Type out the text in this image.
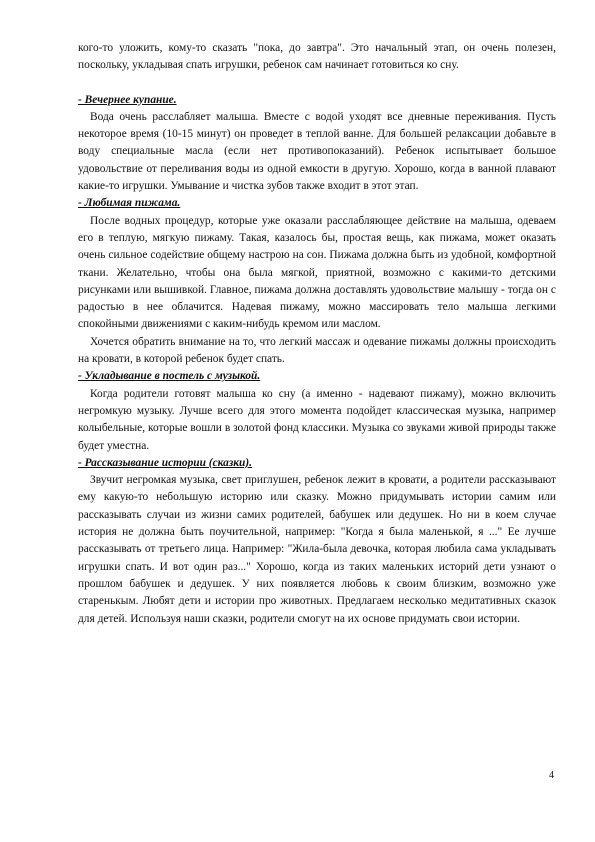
кого-то уложить, кому-то сказать "пока, до завтра". Это начальный этап, он очень полезен, поскольку, укладывая спать игрушки, ребенок сам начинает готовиться ко сну.

- Вечернее купание.

Вода очень расслабляет малыша. Вместе с водой уходят все дневные переживания. Пусть некоторое время (10-15 минут) он проведет в теплой ванне. Для большей релаксации добавьте в воду специальные масла (если нет противопоказаний). Ребенок испытывает большое удовольствие от переливания воды из одной емкости в другую. Хорошо, когда в ванной плавают какие-то игрушки. Умывание и чистка зубов также входит в этот этап.

- Любимая пижама.

После водных процедур, которые уже оказали расслабляющее действие на малыша, одеваем его в теплую, мягкую пижаму. Такая, казалось бы, простая вещь, как пижама, может оказать очень сильное содействие общему настрою на сон. Пижама должна быть из удобной, комфортной ткани. Желательно, чтобы она была мягкой, приятной, возможно с какими-то детскими рисунками или вышивкой. Главное, пижама должна доставлять удовольствие малышу - тогда он с радостью в нее облачится. Надевая пижаму, можно массировать тело малыша легкими спокойными движениями с каким-нибудь кремом или маслом.

Хочется обратить внимание на то, что легкий массаж и одевание пижамы должны происходить на кровати, в которой ребенок будет спать.

- Укладывание в постель с музыкой.

Когда родители готовят малыша ко сну (а именно - надевают пижаму), можно включить негромкую музыку. Лучше всего для этого момента подойдет классическая музыка, например колыбельные, которые вошли в золотой фонд классики. Музыка со звуками живой природы также будет уместна.

- Рассказывание истории (сказки).

Звучит негромкая музыка, свет приглушен, ребенок лежит в кровати, а родители рассказывают ему какую-то небольшую историю или сказку. Можно придумывать истории самим или рассказывать случаи из жизни самих родителей, бабушек или дедушек. Но ни в коем случае история не должна быть поучительной, например: "Когда я была маленькой, я ..." Ее лучше рассказывать от третьего лица. Например: "Жила-была девочка, которая любила сама укладывать игрушки спать. И вот один раз..." Хорошо, когда из таких маленьких историй дети узнают о прошлом бабушек и дедушек. У них появляется любовь к своим близким, возможно уже старенькым. Любят дети и истории про животных. Предлагаем несколько медитативных сказок для детей. Используя наши сказки, родители смогут на их основе придумать свои истории.

4
